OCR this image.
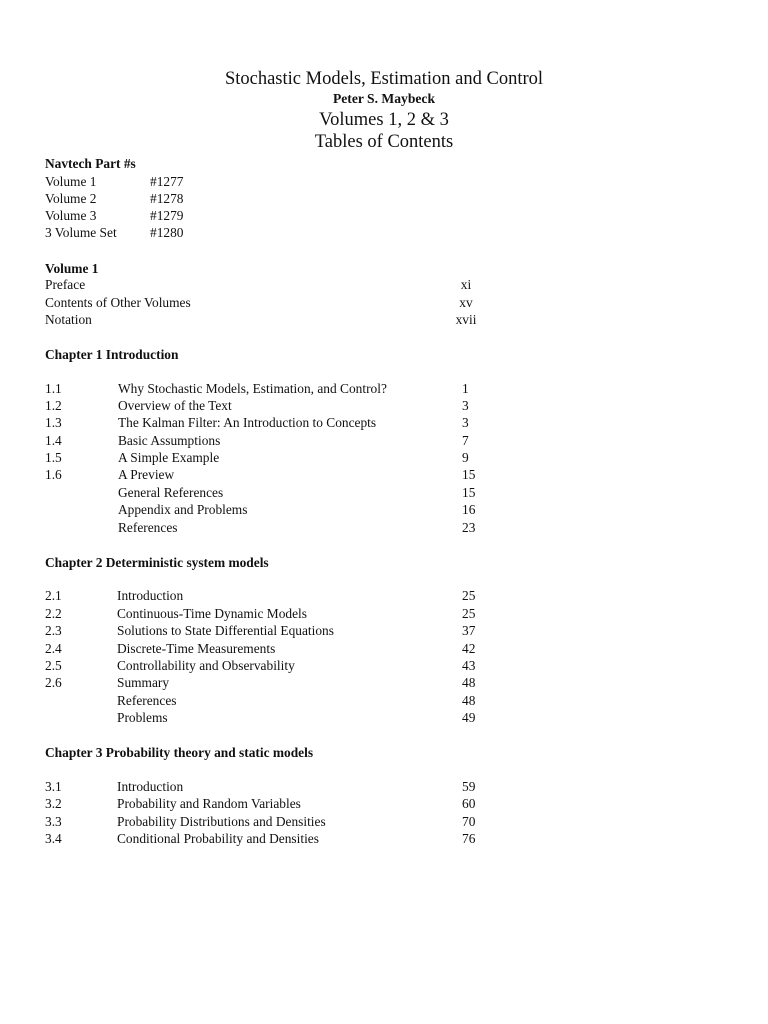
Stochastic Models, Estimation and Control
Peter S. Maybeck
Volumes 1, 2 & 3
Tables of Contents
Navtech Part #s
Volume 1	#1277
Volume 2	#1278
Volume 3	#1279
3 Volume Set #1280
Volume 1
Preface	xi
Contents of Other Volumes	xv
Notation	xvii
Chapter 1 Introduction
1.1	Why Stochastic Models, Estimation, and Control?	1
1.2	Overview of the Text	3
1.3	The Kalman Filter: An Introduction to Concepts	3
1.4	Basic Assumptions	7
1.5	A Simple Example	9
1.6	A Preview	15
General References	15
Appendix and Problems	16
References	23
Chapter 2 Deterministic system models
2.1	Introduction	25
2.2	Continuous-Time Dynamic Models	25
2.3	Solutions to State Differential Equations	37
2.4	Discrete-Time Measurements	42
2.5	Controllability and Observability	43
2.6	Summary	48
References	48
Problems	49
Chapter 3 Probability theory and static models
3.1	Introduction	59
3.2	Probability and Random Variables	60
3.3	Probability Distributions and Densities	70
3.4	Conditional Probability and Densities	76
